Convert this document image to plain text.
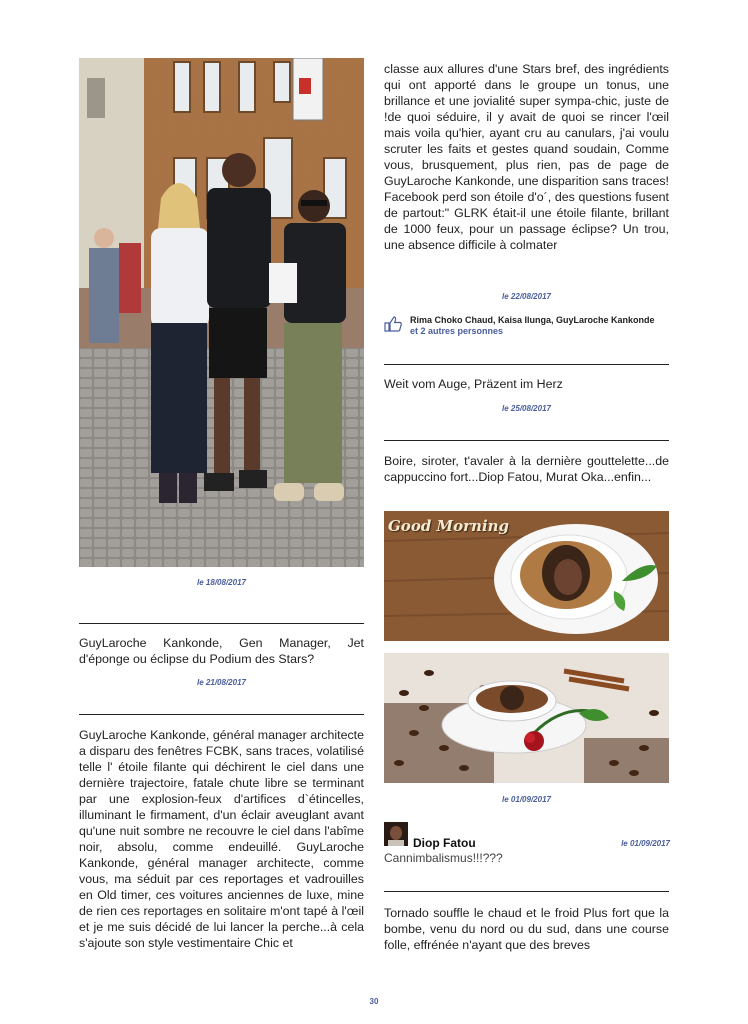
le 18/08/2017
GuyLaroche Kankonde, Gen Manager, Jet d'éponge ou éclipse du Podium des Stars?
le 21/08/2017
GuyLaroche Kankonde, général manager architecte a disparu des fenêtres FCBK, sans traces, volatilisé telle l' étoile filante qui déchirent le ciel dans une dernière trajectoire, fatale chute libre se terminant par une explosion-feux d'artifices d`étincelles, illuminant le firmament, d'un éclair aveuglant avant qu'une nuit sombre ne recouvre le ciel dans l'abîme noir, absolu, comme endeuillé. GuyLaroche Kankonde, général manager architecte, comme vous, ma séduit par ces reportages et vadrouilles en Old timer, ces voitures anciennes de luxe, mine de rien ces reportages en solitaire m'ont tapé à l'œil et je me suis décidé de lui lancer la perche...à cela s'ajoute son style vestimentaire Chic et
classe aux allures d'une Stars bref, des ingrédients qui ont apporté dans le groupe un tonus, une brillance et une jovialité super sympa-chic, juste de !de quoi séduire, il y avait de quoi se rincer l'œil mais voila qu'hier, ayant cru au canulars, j'ai voulu scruter les faits et gestes quand soudain, Comme vous, brusquement, plus rien, pas de page de GuyLaroche Kankonde, une disparition sans traces! Facebook perd son étoile d'o´, des questions fusent de partout:" GLRK était-il une étoile filante, brillant de 1000 feux, pour un passage éclipse? Un trou, une absence difficile à colmater
le 22/08/2017
Rima Choko Chaud, Kaisa Ilunga, GuyLaroche Kankonde et 2 autres personnes
Weit vom Auge, Präzent im Herz
le 25/08/2017
Boire, siroter, t'avaler à la dernière gouttelette...de cappuccino fort...Diop Fatou, Murat Oka...enfin...
Good Morning
le 01/09/2017
Diop Fatou	le 01/09/2017
Cannimbalismus!!!???
Tornado souffle le chaud et le froid Plus fort que la bombe, venu du nord ou du sud, dans une course folle, effrénée n'ayant que des breves
30
